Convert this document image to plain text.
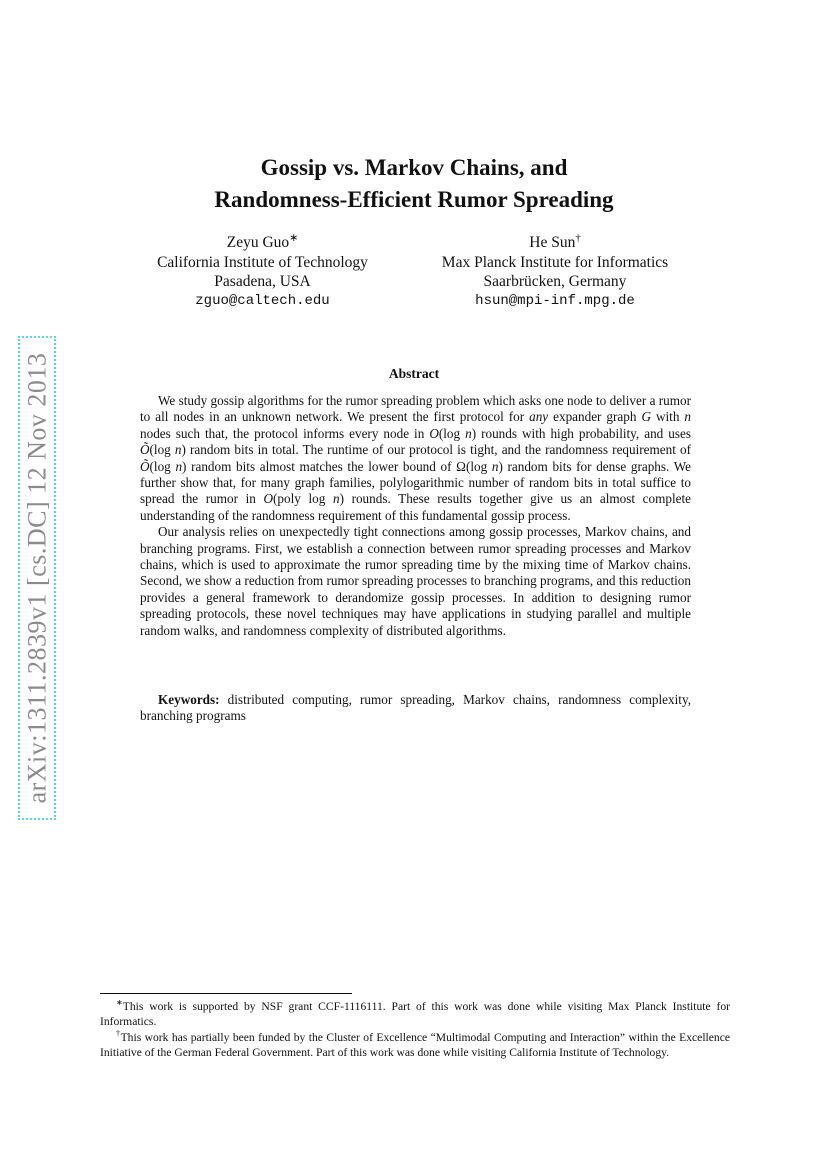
arXiv:1311.2839v1 [cs.DC] 12 Nov 2013
Gossip vs. Markov Chains, and
Randomness-Efficient Rumor Spreading
Zeyu Guo∗
California Institute of Technology
Pasadena, USA
zguo@caltech.edu
He Sun†
Max Planck Institute for Informatics
Saarbrücken, Germany
hsun@mpi-inf.mpg.de
Abstract

We study gossip algorithms for the rumor spreading problem which asks one node to deliver a rumor to all nodes in an unknown network. We present the first protocol for any expander graph G with n nodes such that, the protocol informs every node in O(log n) rounds with high probability, and uses Õ(log n) random bits in total. The runtime of our protocol is tight, and the randomness requirement of Õ(log n) random bits almost matches the lower bound of Ω(log n) random bits for dense graphs. We further show that, for many graph families, polylogarithmic number of random bits in total suffice to spread the rumor in O(poly log n) rounds. These results together give us an almost complete understanding of the randomness requirement of this fundamental gossip process.

Our analysis relies on unexpectedly tight connections among gossip processes, Markov chains, and branching programs. First, we establish a connection between rumor spreading processes and Markov chains, which is used to approximate the rumor spreading time by the mixing time of Markov chains. Second, we show a reduction from rumor spreading processes to branching programs, and this reduction provides a general framework to derandomize gossip processes. In addition to designing rumor spreading protocols, these novel techniques may have applications in studying parallel and multiple random walks, and randomness complexity of distributed algorithms.

Keywords: distributed computing, rumor spreading, Markov chains, randomness complexity, branching programs

∗This work is supported by NSF grant CCF-1116111. Part of this work was done while visiting Max Planck Institute for Informatics.

†This work has partially been funded by the Cluster of Excellence “Multimodal Computing and Interaction” within the Excellence Initiative of the German Federal Government. Part of this work was done while visiting California Institute of Technology.
